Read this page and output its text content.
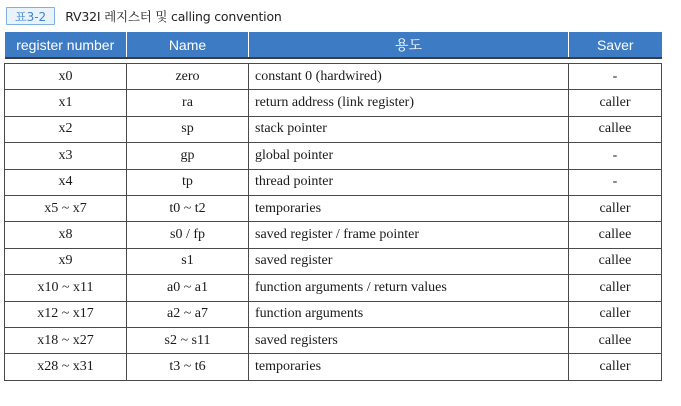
표3-2	RV32I 레지스터 및 calling convention
register number	Name	용도	Saver

x0	zero	constant 0 (hardwired)	-
x1	ra	return address (link register)	caller
x2	sp	stack pointer	callee
x3	gp	global pointer	-
x4	tp	thread pointer	-
x5 ~ x7	t0 ~ t2	temporaries	caller
x8	s0 / fp	saved register / frame pointer	callee
x9	s1	saved register	callee
x10 ~ x11	a0 ~ a1	function arguments / return values	caller
x12 ~ x17	a2 ~ a7	function arguments	caller
x18 ~ x27	s2 ~ s11	saved registers	callee
x28 ~ x31	t3 ~ t6	temporaries	caller
